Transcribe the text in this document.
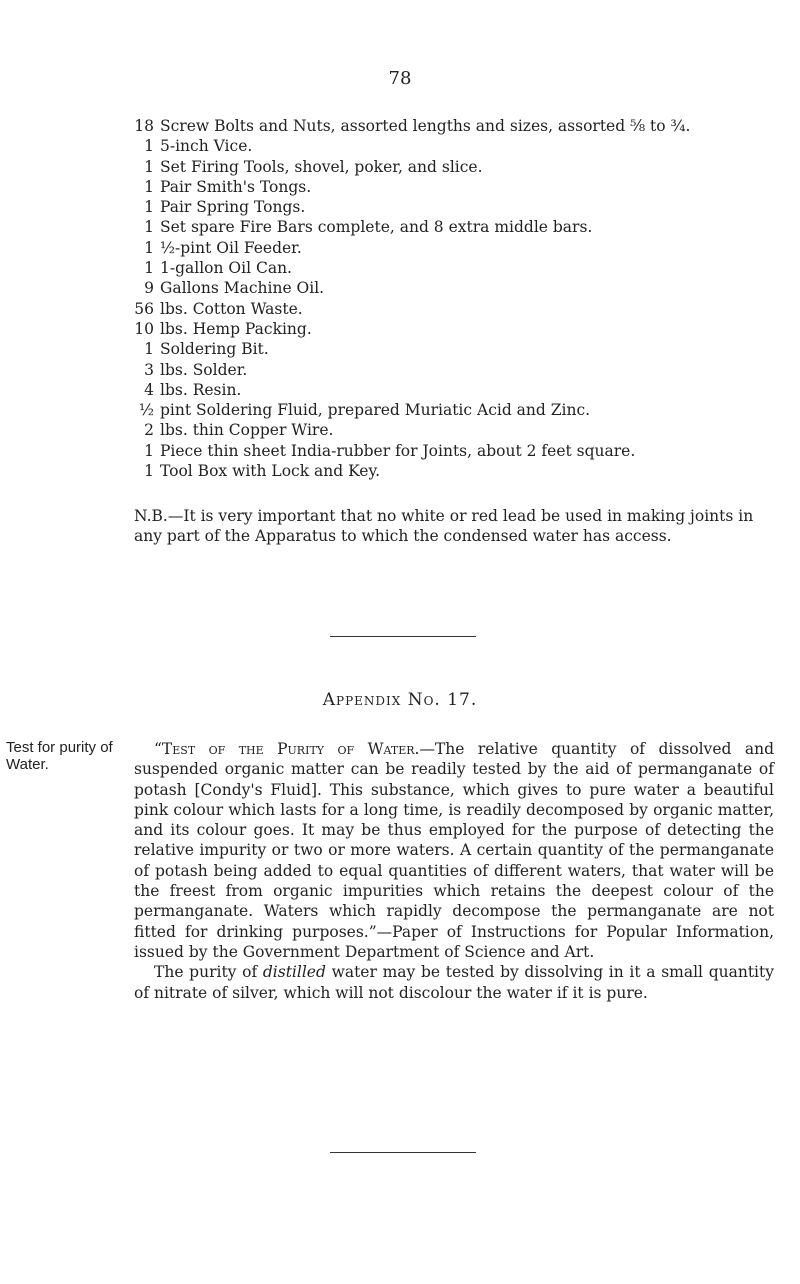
78
18 Screw Bolts and Nuts, assorted lengths and sizes, assorted ⅝ to ¾.
1 5-inch Vice.
1 Set Firing Tools, shovel, poker, and slice.
1 Pair Smith's Tongs.
1 Pair Spring Tongs.
1 Set spare Fire Bars complete, and 8 extra middle bars.
1 ½-pint Oil Feeder.
1 1-gallon Oil Can.
9 Gallons Machine Oil.
56 lbs. Cotton Waste.
10 lbs. Hemp Packing.
1 Soldering Bit.
3 lbs. Solder.
4 lbs. Resin.
½ pint Soldering Fluid, prepared Muriatic Acid and Zinc.
2 lbs. thin Copper Wire.
1 Piece thin sheet India-rubber for Joints, about 2 feet square.
1 Tool Box with Lock and Key.

N.B.—It is very important that no white or red lead be used in making joints in any part of the Apparatus to which the condensed water has access.

Appendix No. 17.
Test for purity of Water.

“Test of the Purity of Water.—The relative quantity of dissolved and suspended organic matter can be readily tested by the aid of permanganate of potash [Condy's Fluid]. This substance, which gives to pure water a beautiful pink colour which lasts for a long time, is readily decomposed by organic matter, and its colour goes. It may be thus employed for the purpose of detecting the relative impurity or two or more waters. A certain quantity of the permanganate of potash being added to equal quantities of different waters, that water will be the freest from organic impurities which retains the deepest colour of the permanganate. Waters which rapidly decompose the permanganate are not fitted for drinking purposes.”—Paper of Instructions for Popular Information, issued by the Government Department of Science and Art.

The purity of distilled water may be tested by dissolving in it a small quantity of nitrate of silver, which will not discolour the water if it is pure.
